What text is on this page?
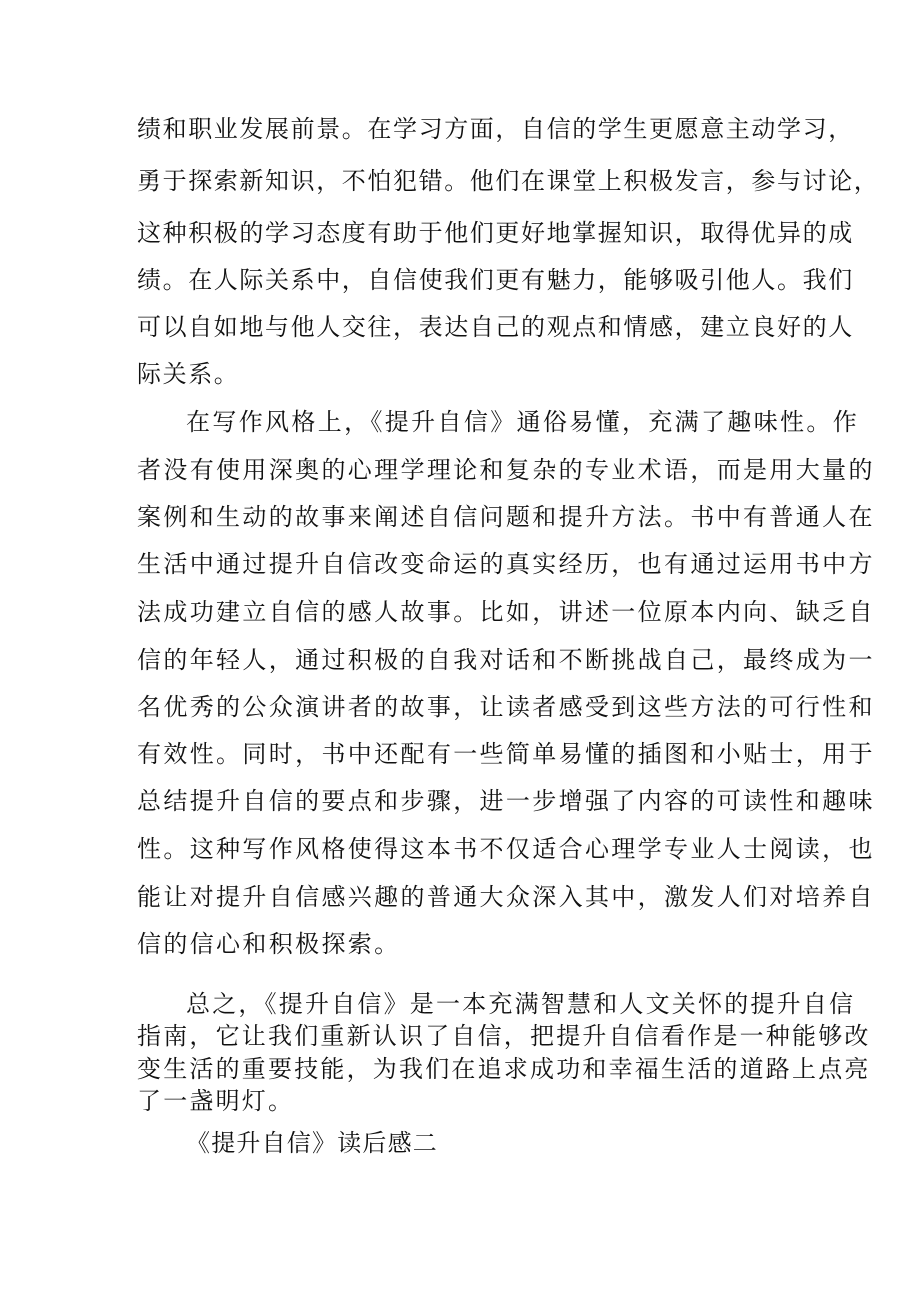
绩和职业发展前景。在学习方面，自信的学生更愿意主动学习，
勇于探索新知识，不怕犯错。他们在课堂上积极发言，参与讨论，
这种积极的学习态度有助于他们更好地掌握知识，取得优异的成
绩。在人际关系中，自信使我们更有魅力，能够吸引他人。我们
可以自如地与他人交往，表达自己的观点和情感，建立良好的人
际关系。
在写作风格上，《提升自信》通俗易懂，充满了趣味性。作
者没有使用深奥的心理学理论和复杂的专业术语，而是用大量的
案例和生动的故事来阐述自信问题和提升方法。书中有普通人在
生活中通过提升自信改变命运的真实经历，也有通过运用书中方
法成功建立自信的感人故事。比如，讲述一位原本内向、缺乏自
信的年轻人，通过积极的自我对话和不断挑战自己，最终成为一
名优秀的公众演讲者的故事，让读者感受到这些方法的可行性和
有效性。同时，书中还配有一些简单易懂的插图和小贴士，用于
总结提升自信的要点和步骤，进一步增强了内容的可读性和趣味
性。这种写作风格使得这本书不仅适合心理学专业人士阅读，也
能让对提升自信感兴趣的普通大众深入其中，激发人们对培养自
信的信心和积极探索。
总之，《提升自信》是一本充满智慧和人文关怀的提升自信
指南，它让我们重新认识了自信，把提升自信看作是一种能够改
变生活的重要技能，为我们在追求成功和幸福生活的道路上点亮
了一盏明灯。
《提升自信》读后感二
